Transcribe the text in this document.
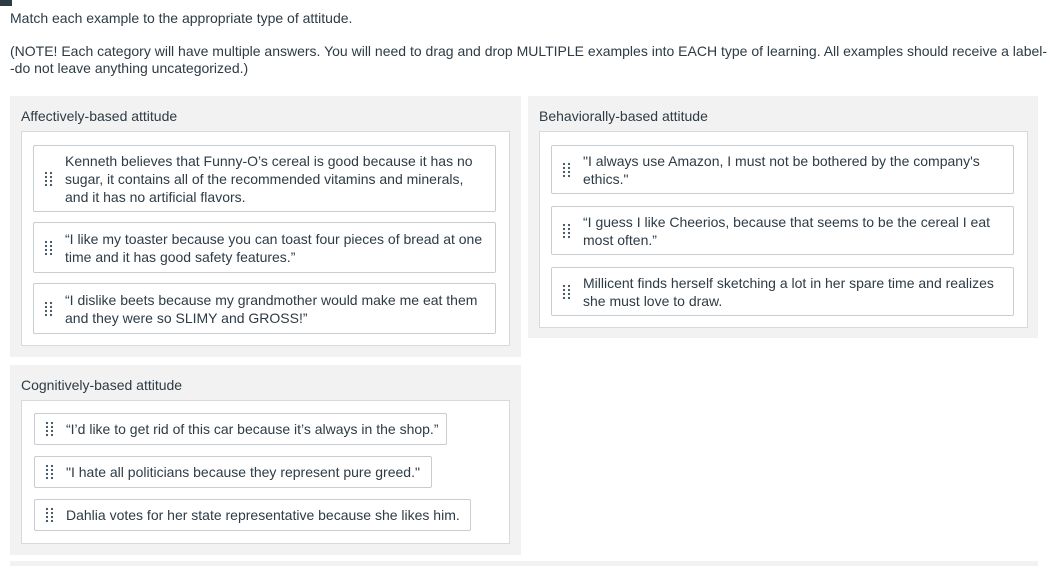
Match each example to the appropriate type of attitude.

(NOTE! Each category will have multiple answers. You will need to drag and drop MULTIPLE examples into EACH type of learning. All examples should receive a label--do not leave anything uncategorized.)

Affectively-based attitude
Kenneth believes that Funny-O’s cereal is good because it has no sugar, it contains all of the recommended vitamins and minerals, and it has no artificial flavors.
“I like my toaster because you can toast four pieces of bread at one time and it has good safety features.”
“I dislike beets because my grandmother would make me eat them and they were so SLIMY and GROSS!”
Behaviorally-based attitude
"I always use Amazon, I must not be bothered by the company's ethics."
“I guess I like Cheerios, because that seems to be the cereal I eat most often.”
Millicent finds herself sketching a lot in her spare time and realizes she must love to draw.
Cognitively-based attitude
“I’d like to get rid of this car because it’s always in the shop.”
"I hate all politicians because they represent pure greed."
Dahlia votes for her state representative because she likes him.
